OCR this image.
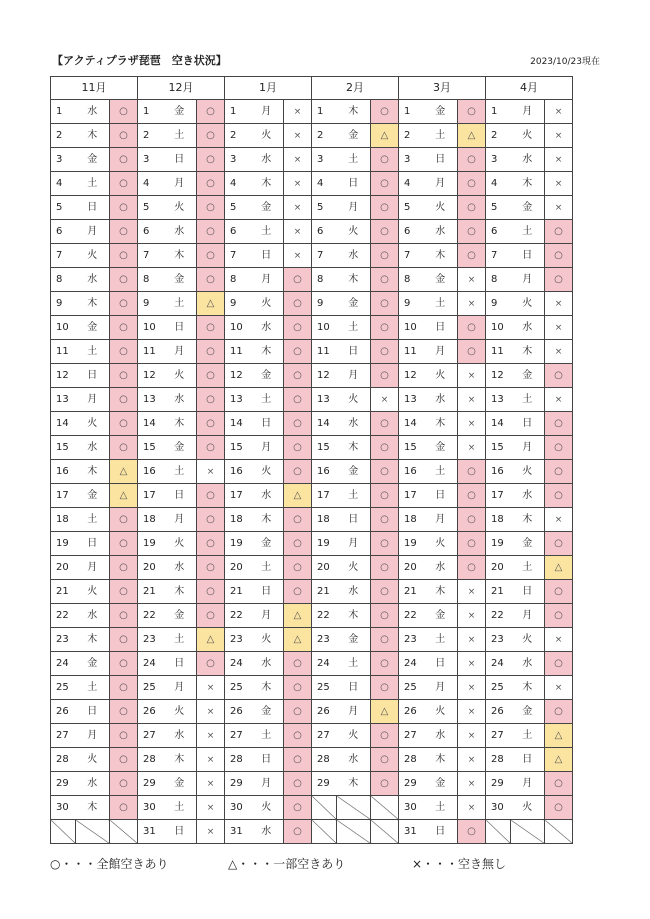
【アクティプラザ琵琶　空き状況】	2023/10/23現在
11月			12月			1月			2月			3月			4月		
1	水	○	1	金	○	1	月	×	1	木	○	1	金	○	1	月	×
2	木	○	2	土	○	2	火	×	2	金	△	2	土	△	2	火	×
3	金	○	3	日	○	3	水	×	3	土	○	3	日	○	3	水	×
4	土	○	4	月	○	4	木	×	4	日	○	4	月	○	4	木	×
5	日	○	5	火	○	5	金	×	5	月	○	5	火	○	5	金	×
6	月	○	6	水	○	6	土	×	6	火	○	6	水	○	6	土	○
7	火	○	7	木	○	7	日	×	7	水	○	7	木	○	7	日	○
8	水	○	8	金	○	8	月	○	8	木	○	8	金	×	8	月	○
9	木	○	9	土	△	9	火	○	9	金	○	9	土	×	9	火	×
10	金	○	10	日	○	10	水	○	10	土	○	10	日	○	10	水	×
11	土	○	11	月	○	11	木	○	11	日	○	11	月	○	11	木	×
12	日	○	12	火	○	12	金	○	12	月	○	12	火	×	12	金	○
13	月	○	13	水	○	13	土	○	13	火	×	13	水	×	13	土	×
14	火	○	14	木	○	14	日	○	14	水	○	14	木	×	14	日	○
15	水	○	15	金	○	15	月	○	15	木	○	15	金	×	15	月	○
16	木	△	16	土	×	16	火	○	16	金	○	16	土	○	16	火	○
17	金	△	17	日	○	17	水	△	17	土	○	17	日	○	17	水	○
18	土	○	18	月	○	18	木	○	18	日	○	18	月	○	18	木	×
19	日	○	19	火	○	19	金	○	19	月	○	19	火	○	19	金	○
20	月	○	20	水	○	20	土	○	20	火	○	20	水	○	20	土	△
21	火	○	21	木	○	21	日	○	21	水	○	21	木	×	21	日	○
22	水	○	22	金	○	22	月	△	22	木	○	22	金	×	22	月	○
23	木	○	23	土	△	23	火	△	23	金	○	23	土	×	23	火	×
24	金	○	24	日	○	24	水	○	24	土	○	24	日	×	24	水	○
25	土	○	25	月	×	25	木	○	25	日	○	25	月	×	25	木	×
26	日	○	26	火	×	26	金	○	26	月	△	26	火	×	26	金	○
27	月	○	27	水	×	27	土	○	27	火	○	27	水	×	27	土	△
28	火	○	28	木	×	28	日	○	28	水	○	28	木	×	28	日	△
29	水	○	29	金	×	29	月	○	29	木	○	29	金	×	29	月	○
30	木	○	30	土	×	30	火	○				30	土	×	30	火	○
			31	日	×	31	水	○				31	日	○			
○・・・全館空きあり	△・・・一部空きあり	×・・・空き無し
